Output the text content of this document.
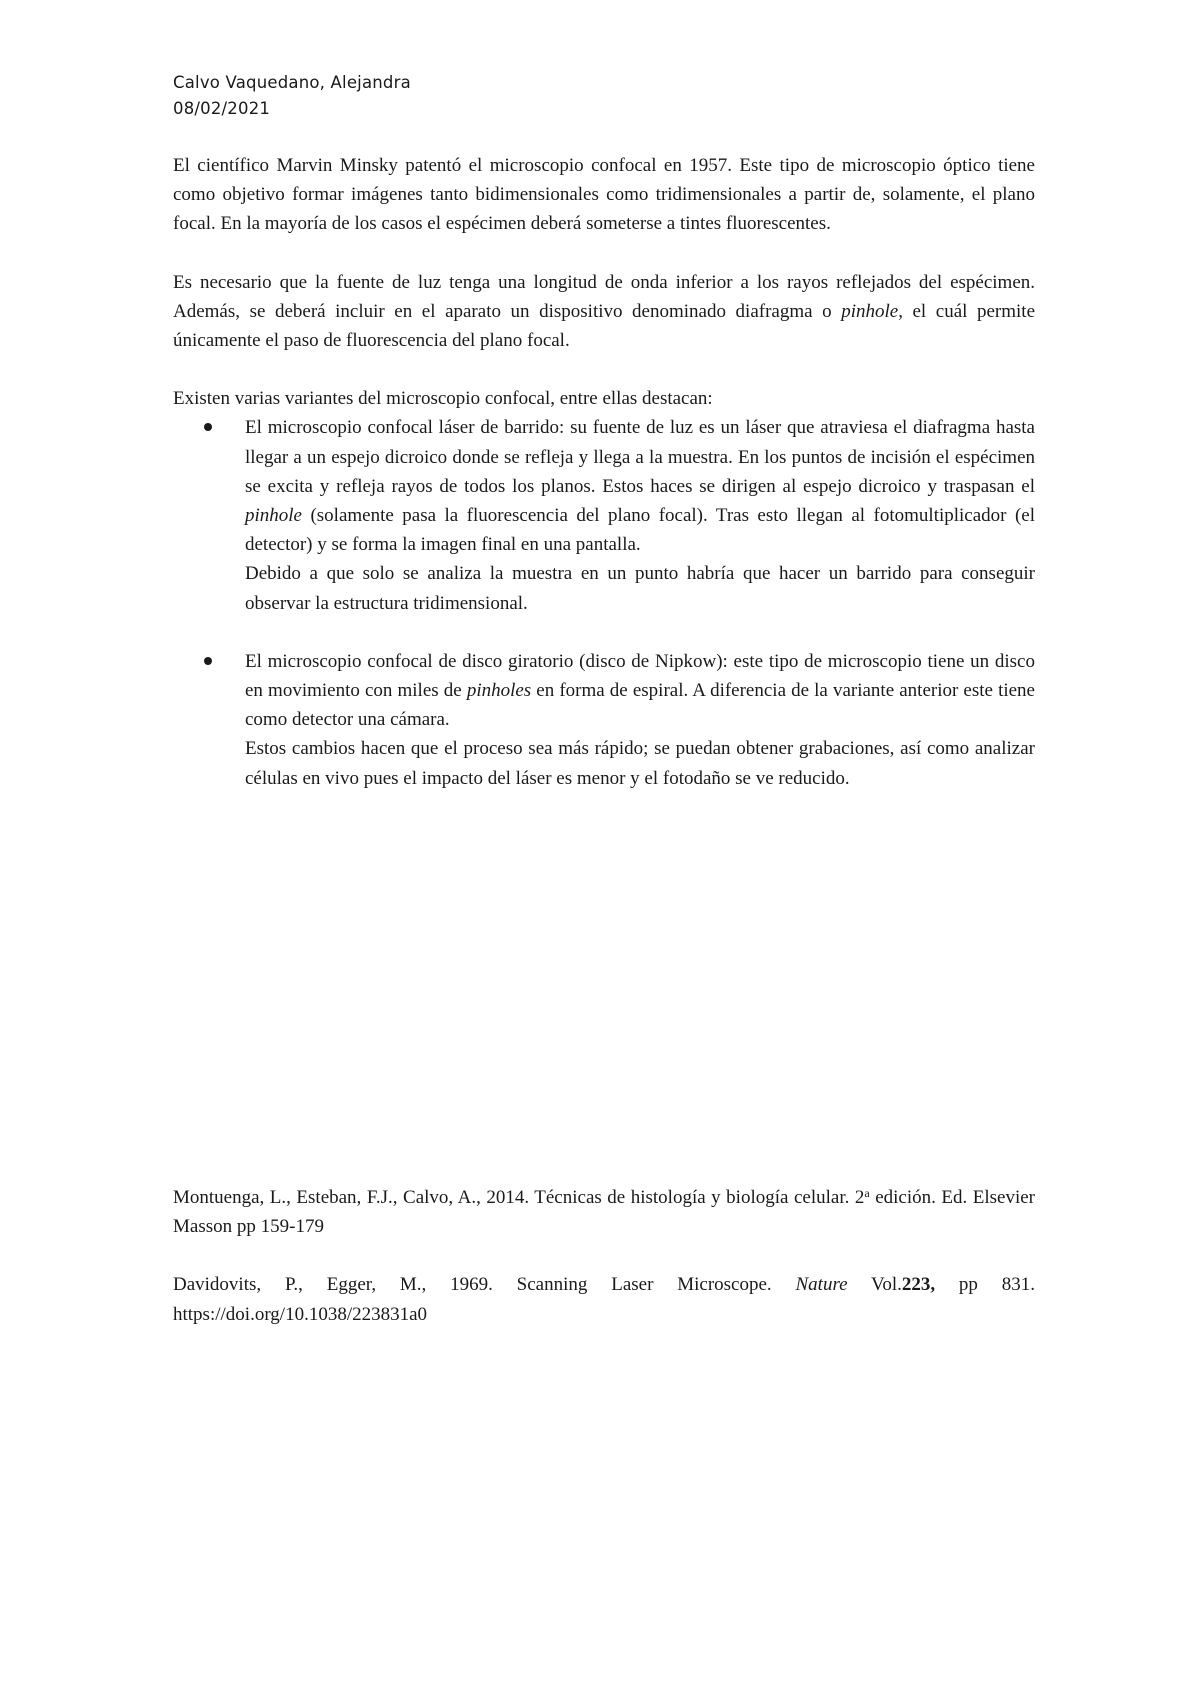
Calvo Vaquedano, Alejandra

08/02/2021

El científico Marvin Minsky patentó el microscopio confocal en 1957. Este tipo de microscopio óptico tiene como objetivo formar imágenes tanto bidimensionales como tridimensionales a partir de, solamente, el plano focal. En la mayoría de los casos el espécimen deberá someterse a tintes fluorescentes.

Es necesario que la fuente de luz tenga una longitud de onda inferior a los rayos reflejados del espécimen. Además, se deberá incluir en el aparato un dispositivo denominado diafragma o pinhole, el cuál permite únicamente el paso de fluorescencia del plano focal.

Existen varias variantes del microscopio confocal, entre ellas destacan:

El microscopio confocal láser de barrido: su fuente de luz es un láser que atraviesa el diafragma hasta llegar a un espejo dicroico donde se refleja y llega a la muestra. En los puntos de incisión el espécimen se excita y refleja rayos de todos los planos. Estos haces se dirigen al espejo dicroico y traspasan el pinhole (solamente pasa la fluorescencia del plano focal). Tras esto llegan al fotomultiplicador (el detector) y se forma la imagen final en una pantalla.

Debido a que solo se analiza la muestra en un punto habría que hacer un barrido para conseguir observar la estructura tridimensional.

El microscopio confocal de disco giratorio (disco de Nipkow): este tipo de microscopio tiene un disco en movimiento con miles de pinholes en forma de espiral. A diferencia de la variante anterior este tiene como detector una cámara.

Estos cambios hacen que el proceso sea más rápido; se puedan obtener grabaciones, así como analizar células en vivo pues el impacto del láser es menor y el fotodaño se ve reducido.

Montuenga, L., Esteban, F.J., Calvo, A., 2014. Técnicas de histología y biología celular. 2$^a$ edición. Ed. Elsevier Masson pp 159-179

Davidovits, P., Egger, M., 1969. Scanning Laser Microscope. Nature Vol.223, pp 831. https://doi.org/10.1038/223831a0
